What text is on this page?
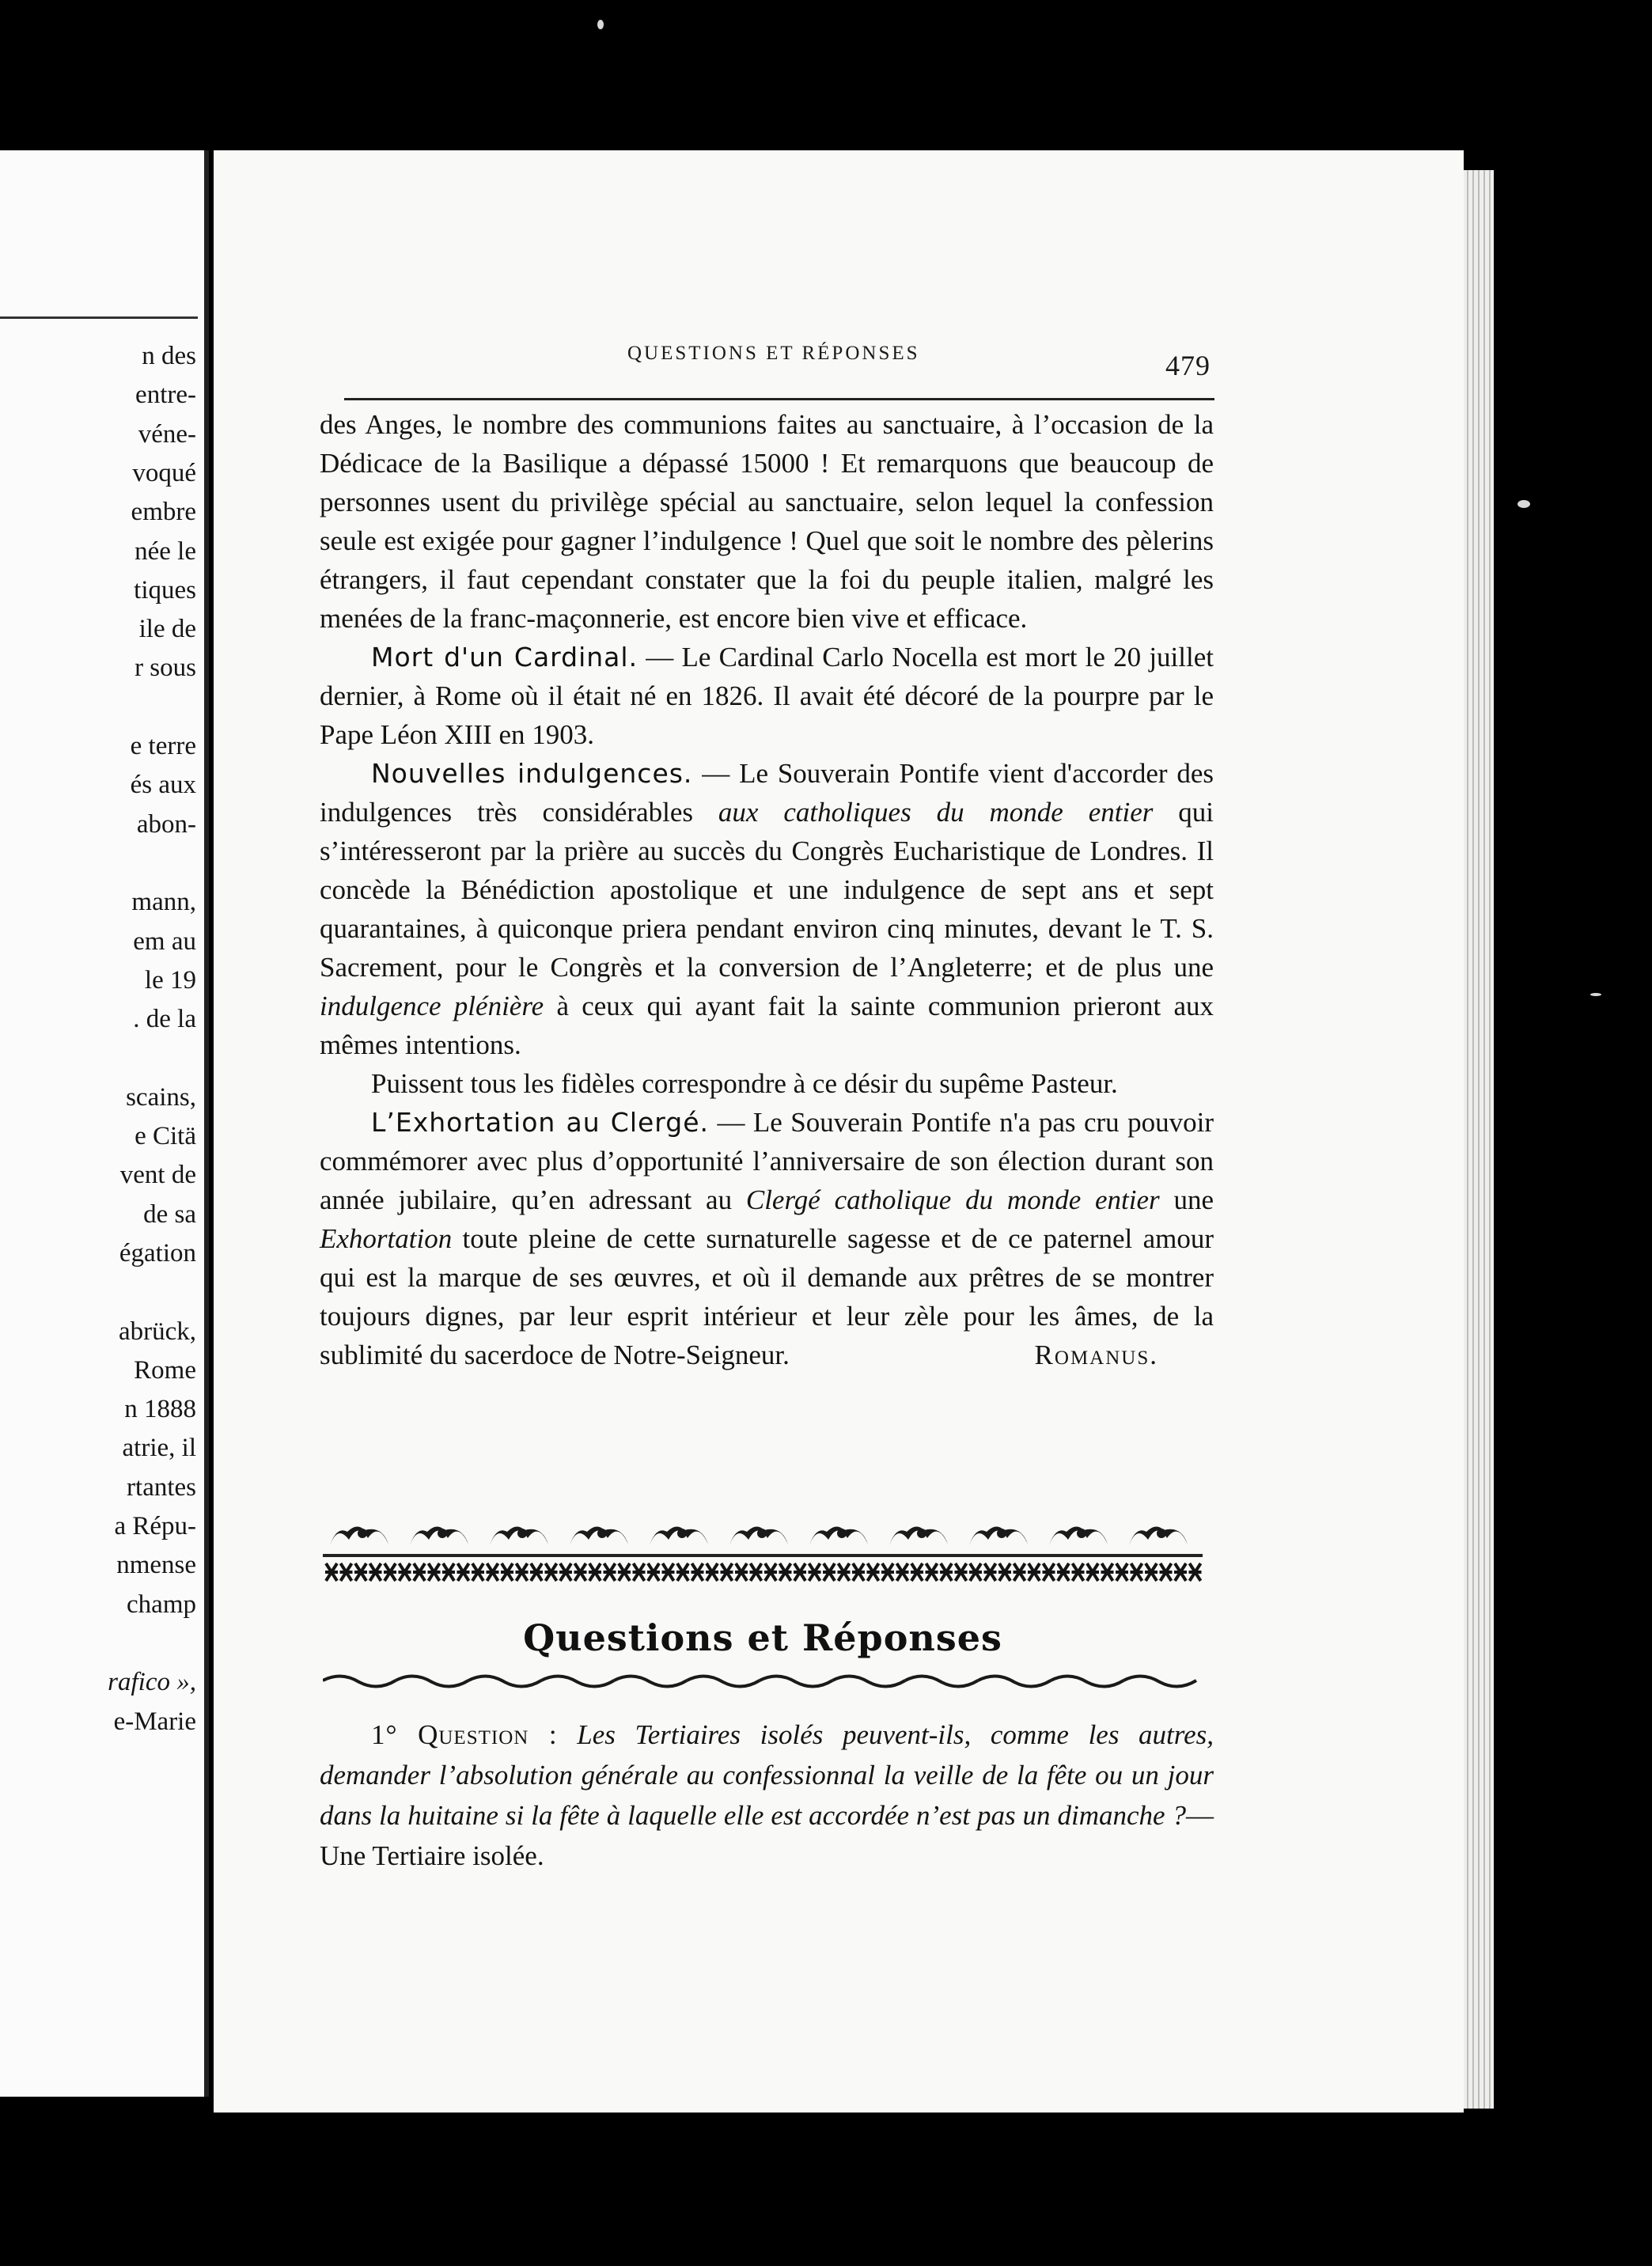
n des
entre-
véne-
voqué
embre
née le
tiques
ile de
r sous
e terre
és aux
abon-
mann,
em au
le 19
. de la
scains,
e Citä
vent de
de sa
égation
abrück,
Rome
n 1888
atrie, il
rtantes
a Répu-
nmense
champ
rafico »,
e-Marie
QUESTIONS ET RÉPONSES	479

des Anges, le nombre des communions faites au sanctuaire, à l’occasion de la Dédicace de la Basilique a dépassé 15000 ! Et remarquons que beaucoup de personnes usent du privilège spécial au sanctuaire, selon lequel la confession seule est exigée pour gagner l’indulgence ! Quel que soit le nombre des pèlerins étrangers, il faut cependant constater que la foi du peuple italien, malgré les menées de la franc-maçonnerie, est encore bien vive et efficace.

Mort d'un Cardinal. — Le Cardinal Carlo Nocella est mort le 20 juillet dernier, à Rome où il était né en 1826. Il avait été décoré de la pourpre par le Pape Léon XIII en 1903.

Nouvelles indulgences. — Le Souverain Pontife vient d'accorder des indulgences très considérables aux catholiques du monde entier qui s’intéresseront par la prière au succès du Congrès Eucharistique de Londres. Il concède la Bénédiction apostolique et une indulgence de sept ans et sept quarantaines, à quiconque priera pendant environ cinq minutes, devant le T. S. Sacrement, pour le Congrès et la conversion de l’Angleterre; et de plus une indulgence plénière à ceux qui ayant fait la sainte communion prieront aux mêmes intentions.

Puissent tous les fidèles correspondre à ce désir du supême Pasteur.

L’Exhortation au Clergé. — Le Souverain Pontife n'a pas cru pouvoir commémorer avec plus d’opportunité l’anniversaire de son élection durant son année jubilaire, qu’en adressant au Clergé catholique du monde entier une Exhortation toute pleine de cette surnaturelle sagesse et de ce paternel amour qui est la marque de ses œuvres, et où il demande aux prêtres de se montrer toujours dignes, par leur esprit intérieur et leur zèle pour les âmes, de la sublimité du sacerdoce de Notre-Seigneur.	Romanus.

Questions et Réponses
1° Question : Les Tertiaires isolés peuvent-ils, comme les autres, demander l’absolution générale au confessionnal la veille de la fête ou un jour dans la huitaine si la fête à laquelle elle est accordée n’est pas un dimanche ?—Une Tertiaire isolée.
